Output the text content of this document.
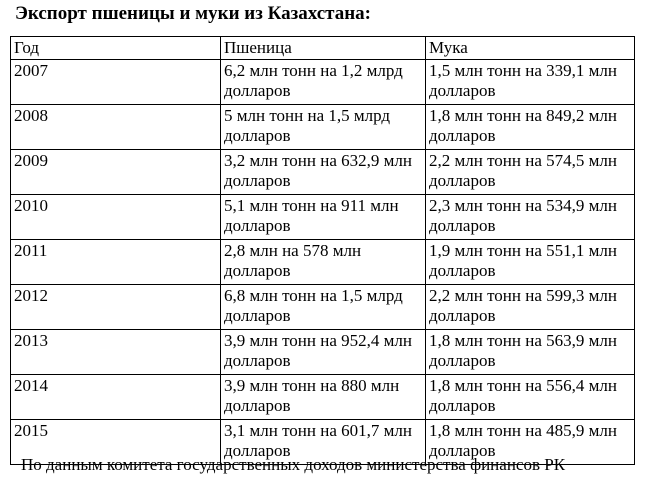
Экспорт пшеницы и муки из Казахстана:
Год	Пшеница	Мука
2007	6,2 млн тонн на 1,2 млрд долларов	1,5 млн тонн на 339,1 млн долларов
2008	5 млн тонн на 1,5 млрд долларов	1,8 млн тонн на 849,2 млн долларов
2009	3,2 млн тонн на 632,9 млн долларов	2,2 млн тонн на 574,5 млн долларов
2010	5,1 млн тонн на 911 млн долларов	2,3 млн тонн на 534,9 млн долларов
2011	2,8 млн на 578 млн долларов	1,9 млн тонн на 551,1 млн долларов
2012	6,8 млн тонн на 1,5 млрд долларов	2,2 млн тонн на 599,3 млн долларов
2013	3,9 млн тонн на 952,4 млн долларов	1,8 млн тонн на 563,9 млн долларов
2014	3,9 млн тонн на 880 млн долларов	1,8 млн тонн на 556,4 млн долларов
2015	3,1 млн тонн на 601,7 млн долларов	1,8 млн тонн на 485,9 млн долларов
По данным комитета государственных доходов министерства финансов РК
